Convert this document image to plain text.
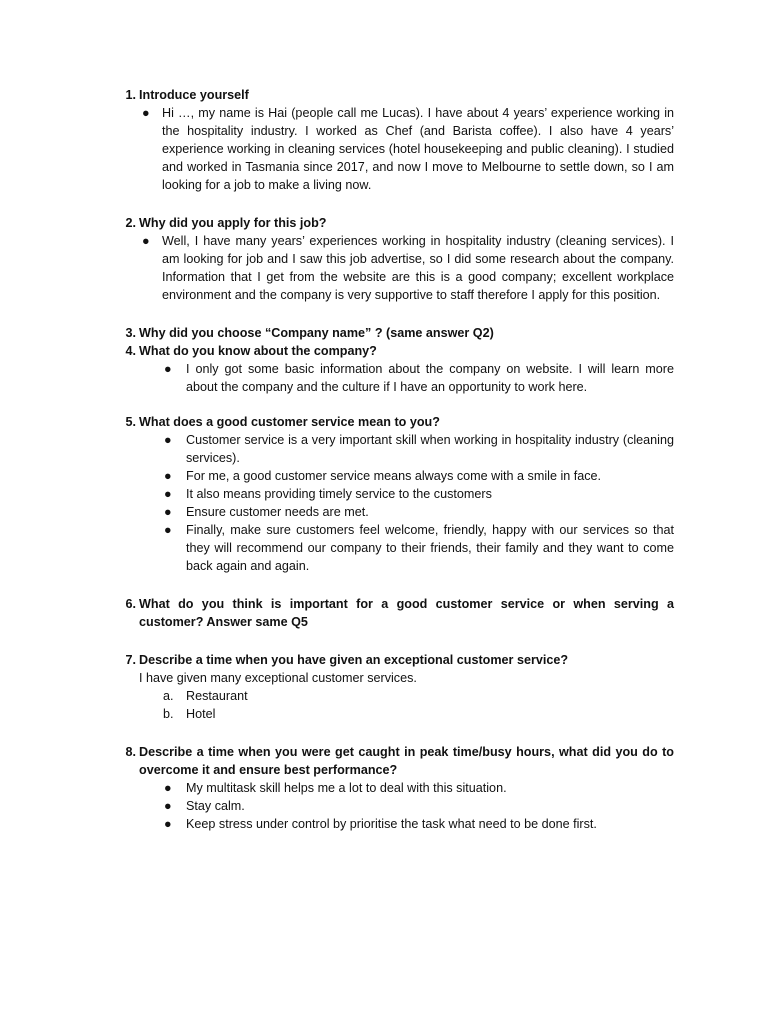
1. Introduce yourself
● Hi …, my name is Hai (people call me Lucas). I have about 4 years’ experience working in the hospitality industry. I worked as Chef (and Barista coffee). I also have 4 years’ experience working in cleaning services (hotel housekeeping and public cleaning). I studied and worked in Tasmania since 2017, and now I move to Melbourne to settle down, so I am looking for a job to make a living now.
2. Why did you apply for this job?
● Well, I have many years’ experiences working in hospitality industry (cleaning services). I am looking for job and I saw this job advertise, so I did some research about the company. Information that I get from the website are this is a good company; excellent workplace environment and the company is very supportive to staff therefore I apply for this position.
3. Why did you choose “Company name” ? (same answer Q2)
4. What do you know about the company?
● I only got some basic information about the company on website. I will learn more about the company and the culture if I have an opportunity to work here.
5. What does a good customer service mean to you?
● Customer service is a very important skill when working in hospitality industry (cleaning services).
● For me, a good customer service means always come with a smile in face.
● It also means providing timely service to the customers
● Ensure customer needs are met.
● Finally, make sure customers feel welcome, friendly, happy with our services so that they will recommend our company to their friends, their family and they want to come back again and again.
6. What do you think is important for a good customer service or when serving a customer? Answer same Q5
7. Describe a time when you have given an exceptional customer service?
I have given many exceptional customer services.
a. Restaurant
b. Hotel
8. Describe a time when you were get caught in peak time/busy hours, what did you do to overcome it and ensure best performance?
● My multitask skill helps me a lot to deal with this situation.
● Stay calm.
● Keep stress under control by prioritise the task what need to be done first.
